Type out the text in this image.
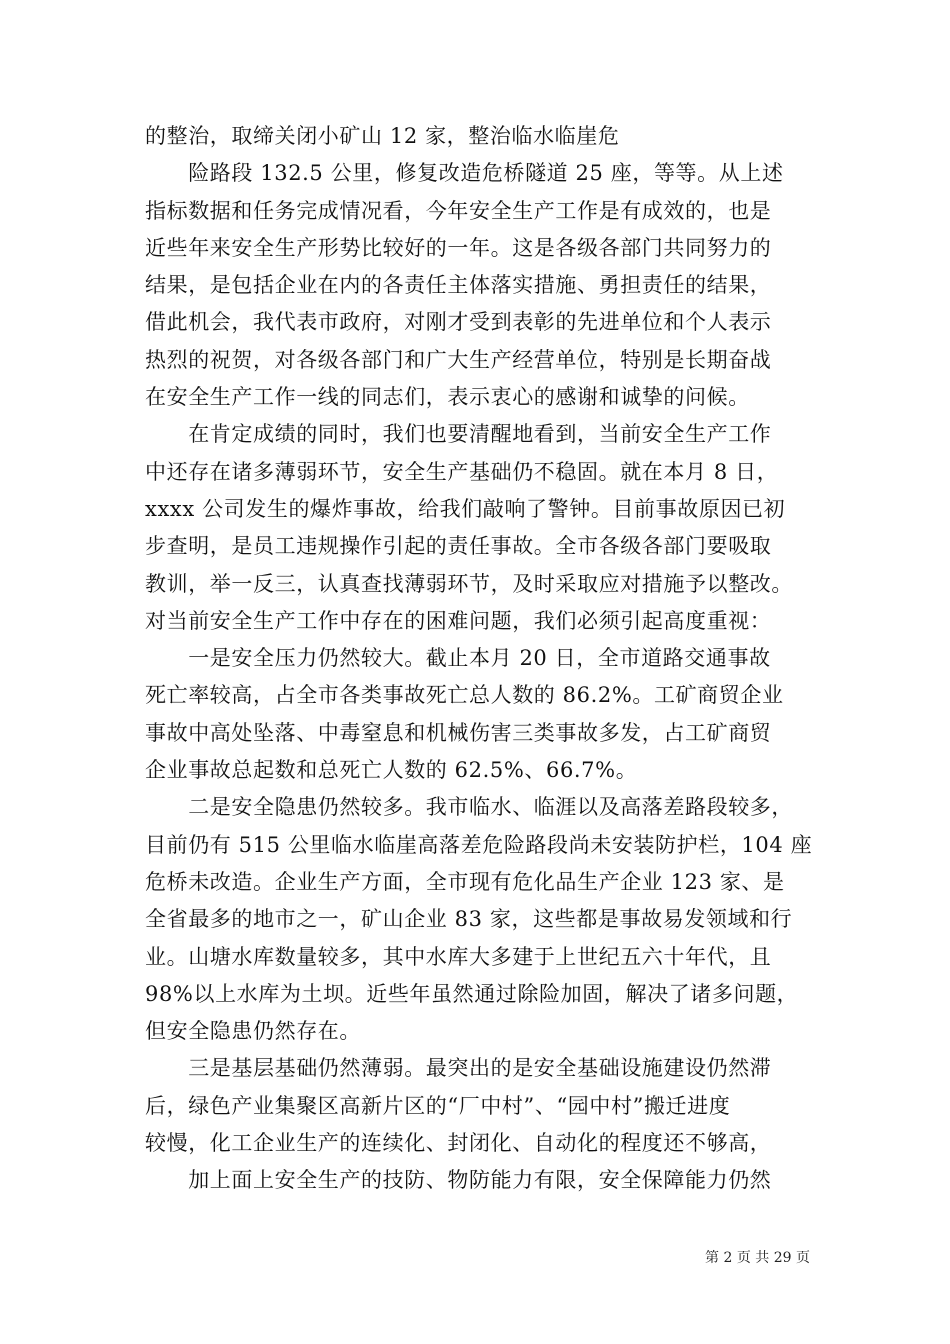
的整治，取缔关闭小矿山 12 家，整治临水临崖危
　　险路段 132.5 公里，修复改造危桥隧道 25 座，等等。从上述
指标数据和任务完成情况看，今年安全生产工作是有成效的，也是
近些年来安全生产形势比较好的一年。这是各级各部门共同努力的
结果，是包括企业在内的各责任主体落实措施、勇担责任的结果，
借此机会，我代表市政府，对刚才受到表彰的先进单位和个人表示
热烈的祝贺，对各级各部门和广大生产经营单位，特别是长期奋战
在安全生产工作一线的同志们，表示衷心的感谢和诚挚的问候。
　　在肯定成绩的同时，我们也要清醒地看到，当前安全生产工作
中还存在诸多薄弱环节，安全生产基础仍不稳固。就在本月 8 日，
xxxx 公司发生的爆炸事故，给我们敲响了警钟。目前事故原因已初
步查明，是员工违规操作引起的责任事故。全市各级各部门要吸取
教训，举一反三，认真查找薄弱环节，及时采取应对措施予以整改。
对当前安全生产工作中存在的困难问题，我们必须引起高度重视：
　　一是安全压力仍然较大。截止本月 20 日，全市道路交通事故
死亡率较高，占全市各类事故死亡总人数的 86.2%。工矿商贸企业
事故中高处坠落、中毒窒息和机械伤害三类事故多发，占工矿商贸
企业事故总起数和总死亡人数的 62.5%、66.7%。
　　二是安全隐患仍然较多。我市临水、临涯以及高落差路段较多，
目前仍有 515 公里临水临崖高落差危险路段尚未安装防护栏，104 座
危桥未改造。企业生产方面，全市现有危化品生产企业 123 家、是
全省最多的地市之一，矿山企业 83 家，这些都是事故易发领域和行
业。山塘水库数量较多，其中水库大多建于上世纪五六十年代，且
98%以上水库为土坝。近些年虽然通过除险加固，解决了诸多问题，
但安全隐患仍然存在。
　　三是基层基础仍然薄弱。最突出的是安全基础设施建设仍然滞
后，绿色产业集聚区高新片区的“厂中村”、“园中村”搬迁进度
较慢，化工企业生产的连续化、封闭化、自动化的程度还不够高，
　　加上面上安全生产的技防、物防能力有限，安全保障能力仍然
第 2 页 共 29 页
